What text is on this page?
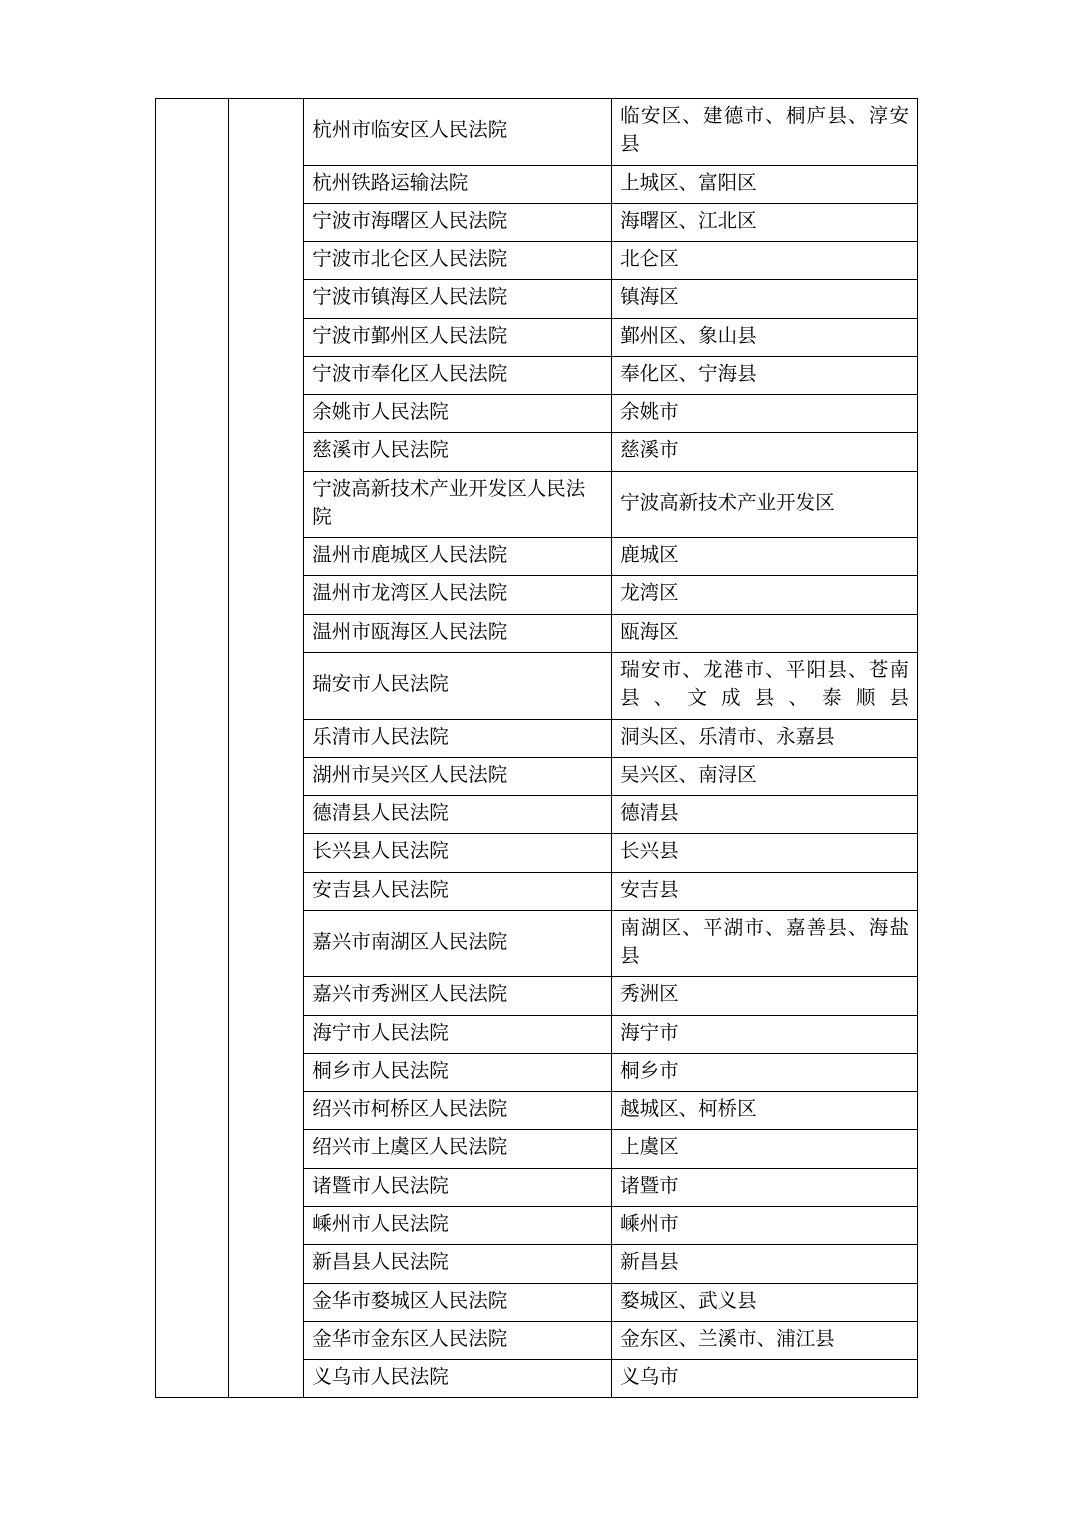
		杭州市临安区人民法院	临安区、建德市、桐庐县、淳安县
		杭州铁路运输法院	上城区、富阳区
		宁波市海曙区人民法院	海曙区、江北区
		宁波市北仑区人民法院	北仑区
		宁波市镇海区人民法院	镇海区
		宁波市鄞州区人民法院	鄞州区、象山县
		宁波市奉化区人民法院	奉化区、宁海县
		余姚市人民法院	余姚市
		慈溪市人民法院	慈溪市
		宁波高新技术产业开发区人民法院	宁波高新技术产业开发区
		温州市鹿城区人民法院	鹿城区
		温州市龙湾区人民法院	龙湾区
		温州市瓯海区人民法院	瓯海区
		瑞安市人民法院	瑞安市、龙港市、平阳县、苍南县、文成县、泰顺县
		乐清市人民法院	洞头区、乐清市、永嘉县
		湖州市吴兴区人民法院	吴兴区、南浔区
		德清县人民法院	德清县
		长兴县人民法院	长兴县
		安吉县人民法院	安吉县
		嘉兴市南湖区人民法院	南湖区、平湖市、嘉善县、海盐县
		嘉兴市秀洲区人民法院	秀洲区
		海宁市人民法院	海宁市
		桐乡市人民法院	桐乡市
		绍兴市柯桥区人民法院	越城区、柯桥区
		绍兴市上虞区人民法院	上虞区
		诸暨市人民法院	诸暨市
		嵊州市人民法院	嵊州市
		新昌县人民法院	新昌县
		金华市婺城区人民法院	婺城区、武义县
		金华市金东区人民法院	金东区、兰溪市、浦江县
		义乌市人民法院	义乌市
